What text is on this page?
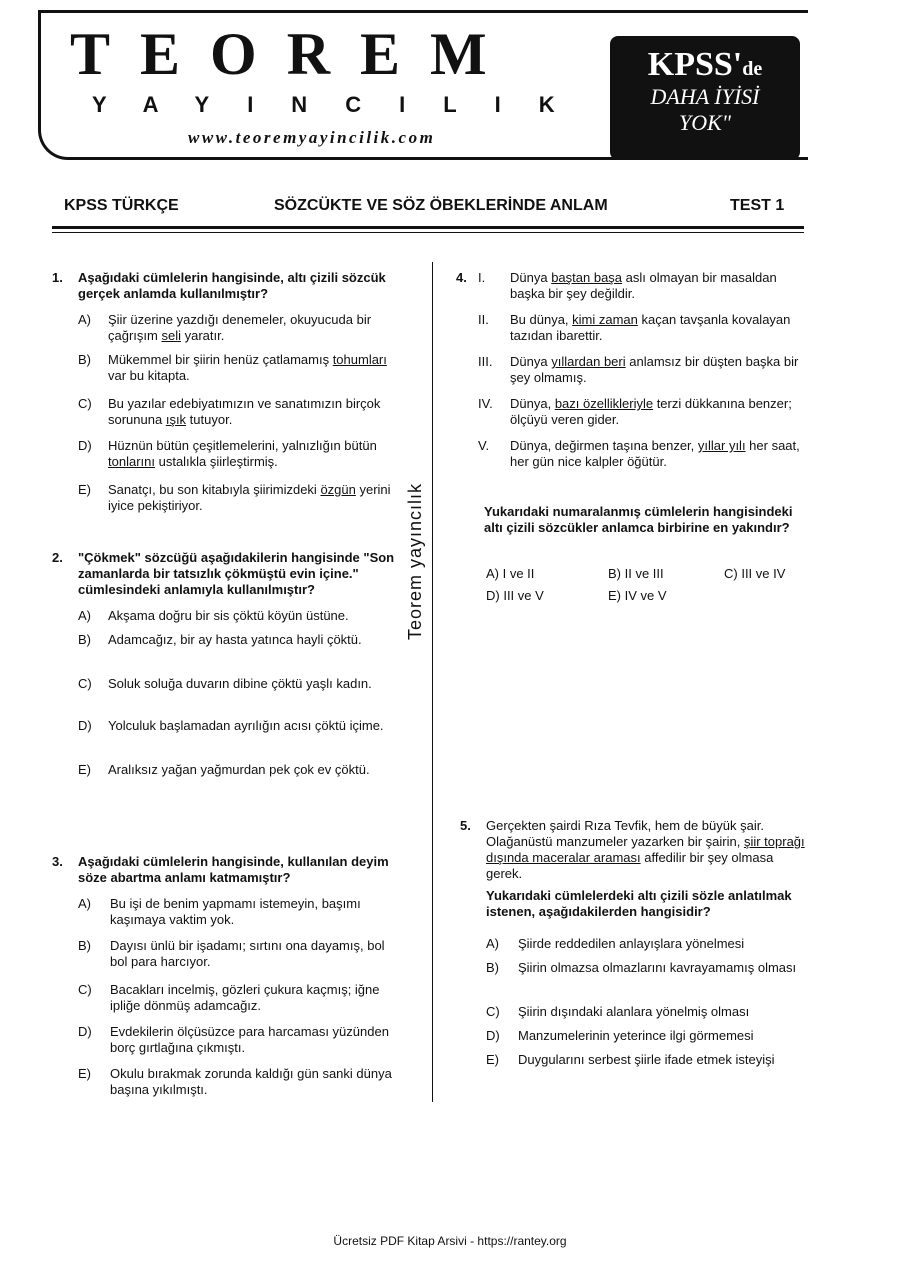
TEOREM
YAYINCILIK
www.teoremyayincilik.com
KPSS'de
DAHA İYİSİ
YOK"
KPSS TÜRKÇE	SÖZCÜKTE VE SÖZ ÖBEKLERİNDE ANLAM	TEST 1
Teorem yayıncılık
1. Aşağıdaki cümlelerin hangisinde, altı çizili sözcük gerçek anlamda kullanılmıştır?
A) Şiir üzerine yazdığı denemeler, okuyucuda bir çağrışım seli yaratır.
B) Mükemmel bir şiirin henüz çatlamamış tohumları var bu kitapta.
C) Bu yazılar edebiyatımızın ve sanatımızın birçok sorununa ışık tutuyor.
D) Hüznün bütün çeşitlemelerini, yalnızlığın bütün tonlarını ustalıkla şiirleştirmiş.
E) Sanatçı, bu son kitabıyla şiirimizdeki özgün yerini iyice pekiştiriyor.
2. "Çökmek" sözcüğü aşağıdakilerin hangisinde "Son zamanlarda bir tatsızlık çökmüştü evin içine." cümlesindeki anlamıyla kullanılmıştır?
A) Akşama doğru bir sis çöktü köyün üstüne.
B) Adamcağız, bir ay hasta yatınca hayli çöktü.
C) Soluk soluğa duvarın dibine çöktü yaşlı kadın.
D) Yolculuk başlamadan ayrılığın acısı çöktü içime.
E) Aralıksız yağan yağmurdan pek çok ev çöktü.
3. Aşağıdaki cümlelerin hangisinde, kullanılan deyim söze abartma anlamı katmamıştır?
A) Bu işi de benim yapmamı istemeyin, başımı kaşımaya vaktim yok.
B) Dayısı ünlü bir işadamı; sırtını ona dayamış, bol bol para harcıyor.
C) Bacakları incelmiş, gözleri çukura kaçmış; iğne ipliğe dönmüş adamcağız.
D) Evdekilerin ölçüsüzce para harcaması yüzünden borç gırtlağına çıkmıştı.
E) Okulu bırakmak zorunda kaldığı gün sanki dünya başına yıkılmıştı.
4. I. Dünya baştan başa aslı olmayan bir masaldan başka bir şey değildir.
II. Bu dünya, kimi zaman kaçan tavşanla kovalayan tazıdan ibarettir.
III. Dünya yıllardan beri anlamsız bir düşten başka bir şey olmamış.
IV. Dünya, bazı özellikleriyle terzi dükkanına benzer; ölçüyü veren gider.
V. Dünya, değirmen taşına benzer, yıllar yılı her saat, her gün nice kalpler öğütür.
Yukarıdaki numaralanmış cümlelerin hangisindeki altı çizili sözcükler anlamca birbirine en yakındır?
A) I ve II	B) II ve III	C) III ve IV
D) III ve V	E) IV ve V
5. Gerçekten şairdi Rıza Tevfik, hem de büyük şair. Olağanüstü manzumeler yazarken bir şairin, şiir toprağı dışında maceralar araması affedilir bir şey olmasa gerek.
Yukarıdaki cümlelerdeki altı çizili sözle anlatılmak istenen, aşağıdakilerden hangisidir?
A) Şiirde reddedilen anlayışlara yönelmesi
B) Şiirin olmazsa olmazlarını kavrayamamış olması
C) Şiirin dışındaki alanlara yönelmiş olması
D) Manzumelerinin yeterince ilgi görmemesi
E) Duygularını serbest şiirle ifade etmek isteyişi
Ücretsiz PDF Kitap Arsivi - https://rantey.org
